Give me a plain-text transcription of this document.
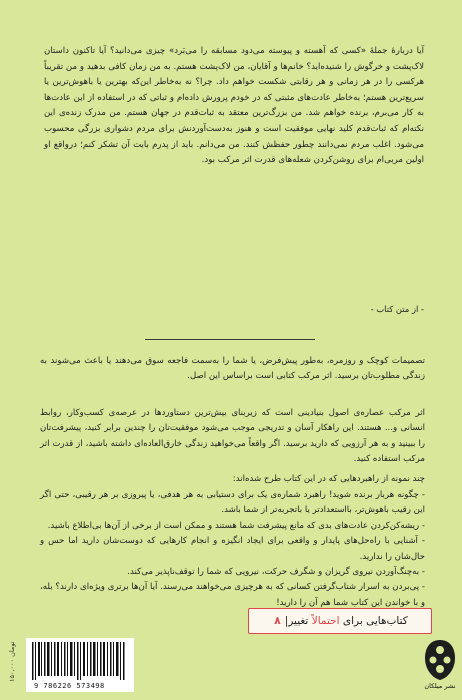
آیا دربارهٔ جملهٔ «کسی که آهسته و پیوسته می‌دود مسابقه را می‌بَرد» چیزی می‌دانید؟ آیا تاکنون داستان لاک‌پشت و خرگوش را شنیده‌اید؟ خانم‌ها و آقایان، من لاک‌پشت هستم. به من زمان کافی بدهید و من تقریباً هرکسی را در هر زمانی و هر رقابتی شکست خواهم داد. چرا؟ نه به‌خاطر این‌که بهترین یا باهوش‌ترین یا سریع‌ترین هستم؛ به‌خاطر عادت‌های مثبتی که در خودم پرورش داده‌ام و ثباتی که در استفاده از این عادت‌ها به کار می‌برم، برنده خواهم شد. من بزرگ‌ترین معتقد به ثبات‌قدم در جهان هستم. من مدرک زنده‌ی این نکته‌ام که ثبات‌قدم کلید نهایی موفقیت است و هنوز به‌دست‌آوردنش برای مردم دشواری بزرگی محسوب می‌شود. اغلب مردم نمی‌دانند چطور حفظش کنند. من می‌دانم. باید از پدرم بابت آن تشکر کنم؛ درواقع او اولین مربی‌ام برای روشن‌کردن شعله‌های قدرت اثر مرکب بود.
- از متن کتاب -
تصمیمات کوچک و روزمره، به‌طور پیش‌فرض، یا شما را به‌سمت فاجعه سوق می‌دهند یا باعث می‌شوند به زندگی مطلوب‌تان برسید. اثر مرکب کتابی است براساس این اصل.
اثر مرکب عصاره‌ی اصول بنیادینی است که زیربنای بیش‌ترین دستاوردها در عرصه‌ی کسب‌وکار، روابط انسانی و... هستند. این راهکار آسان و تدریجی موجب می‌شود موفقیت‌تان را چندین برابر کنید، پیشرفت‌تان را ببینید و به هر آرزویی که دارید برسید. اگر واقعاً می‌خواهید زندگی خارق‌العاده‌ای داشته باشید، از قدرت اثر مرکب استفاده کنید.
چند نمونه از راهبردهایی که در این کتاب طرح شده‌اند:
- چگونه هربار برنده شوید! راهبرد شماره‌ی یک برای دستیابی به هر هدفی، یا پیروزی بر هر رقیبی، حتی اگر این رقیب باهوش‌تر، بااستعدادتر یا باتجربه‌تر از شما باشد.
- ریشه‌کن‌کردن عادت‌های بدی که مانع پیشرفت شما هستند و ممکن است از برخی از آن‌ها بی‌اطلاع باشید.
- آشنایی با راه‌حل‌های پایدار و واقعی برای ایجاد انگیزه و انجام کارهایی که دوست‌شان دارید اما حس و حال‌شان را ندارید.
- به‌چنگ‌آوردن نیروی گریزان و شگرف حرکت، نیرویی که شما را توقف‌ناپذیر می‌کند.
- پی‌بردن به اسرار شتاب‌گرفتن کسانی که به هرچیزی می‌خواهند می‌رسند. آیا آن‌ها برتری ویژه‌ای دارند؟ بله، و با خواندن این کتاب شما هم آن را دارید!
کتاب‌هایی برای

احتمالاً

تغییر
|
۸
۱۵۰,۰۰۰ تومان
9 786226 573498	نشر میلکان
